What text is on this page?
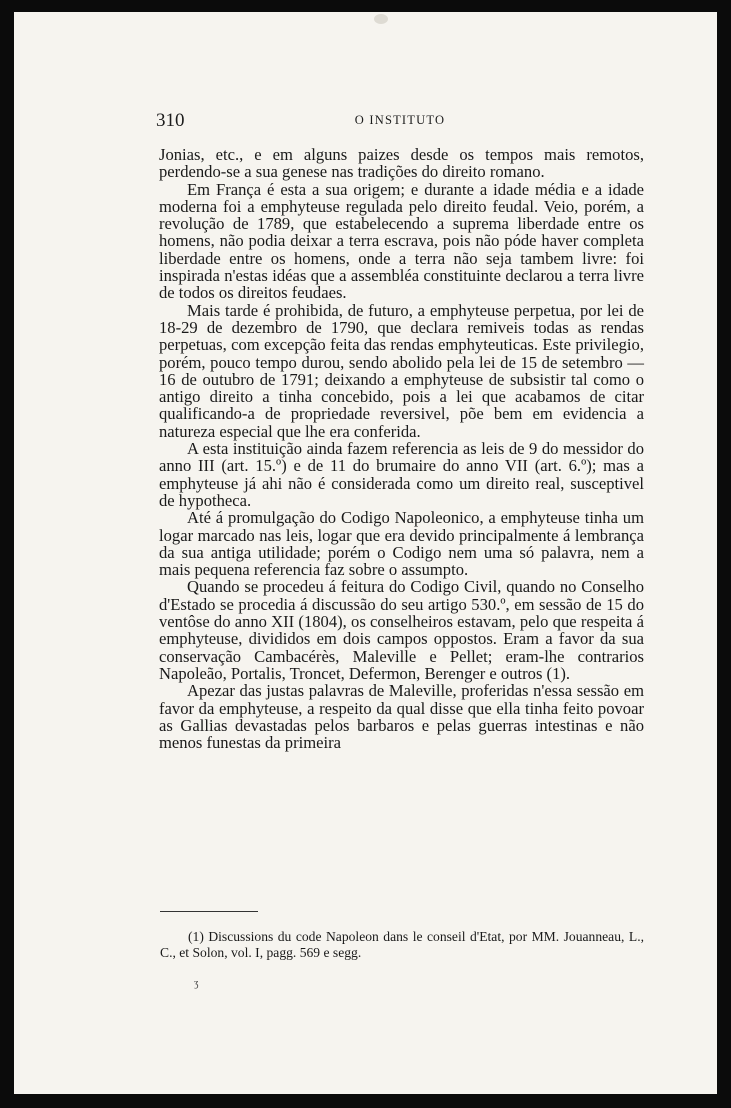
310	O INSTITUTO

Jonias, etc., e em alguns paizes desde os tempos mais remotos, perdendo-se a sua genese nas tradições do direito romano.

Em França é esta a sua origem; e durante a idade média e a idade moderna foi a emphyteuse regulada pelo direito feudal. Veio, porém, a revolução de 1789, que estabelecendo a suprema liberdade entre os homens, não podia deixar a terra escrava, pois não póde haver completa liberdade entre os homens, onde a terra não seja tambem livre: foi inspirada n'estas idéas que a assembléa constituinte declarou a terra livre de todos os direitos feudaes.

Mais tarde é prohibida, de futuro, a emphyteuse perpetua, por lei de 18-29 de dezembro de 1790, que declara remiveis todas as rendas perpetuas, com excepção feita das rendas emphyteuticas. Este privilegio, porém, pouco tempo durou, sendo abolido pela lei de 15 de setembro — 16 de outubro de 1791; deixando a emphyteuse de subsistir tal como o antigo direito a tinha concebido, pois a lei que acabamos de citar qualificando-a de propriedade reversivel, põe bem em evidencia a natureza especial que lhe era conferida.

A esta instituição ainda fazem referencia as leis de 9 do messidor do anno III (art. 15.º) e de 11 do brumaire do anno VII (art. 6.º); mas a emphyteuse já ahi não é considerada como um direito real, susceptivel de hypotheca.

Até á promulgação do Codigo Napoleonico, a emphyteuse tinha um logar marcado nas leis, logar que era devido principalmente á lembrança da sua antiga utilidade; porém o Codigo nem uma só palavra, nem a mais pequena referencia faz sobre o assumpto.

Quando se procedeu á feitura do Codigo Civil, quando no Conselho d'Estado se procedia á discussão do seu artigo 530.º, em sessão de 15 do ventôse do anno XII (1804), os conselheiros estavam, pelo que respeita á emphyteuse, divididos em dois campos oppostos. Eram a favor da sua conservação Cambacérès, Maleville e Pellet; eram-lhe contrarios Napoleão, Portalis, Troncet, Defermon, Berenger e outros (1).

Apezar das justas palavras de Maleville, proferidas n'essa sessão em favor da emphyteuse, a respeito da qual disse que ella tinha feito povoar as Gallias devastadas pelos barbaros e pelas guerras intestinas e não menos funestas da primeira

(1) Discussions du code Napoleon dans le conseil d'Etat, por MM. Jouanneau, L., C., et Solon, vol. I, pagg. 569 e segg.

ʒ
